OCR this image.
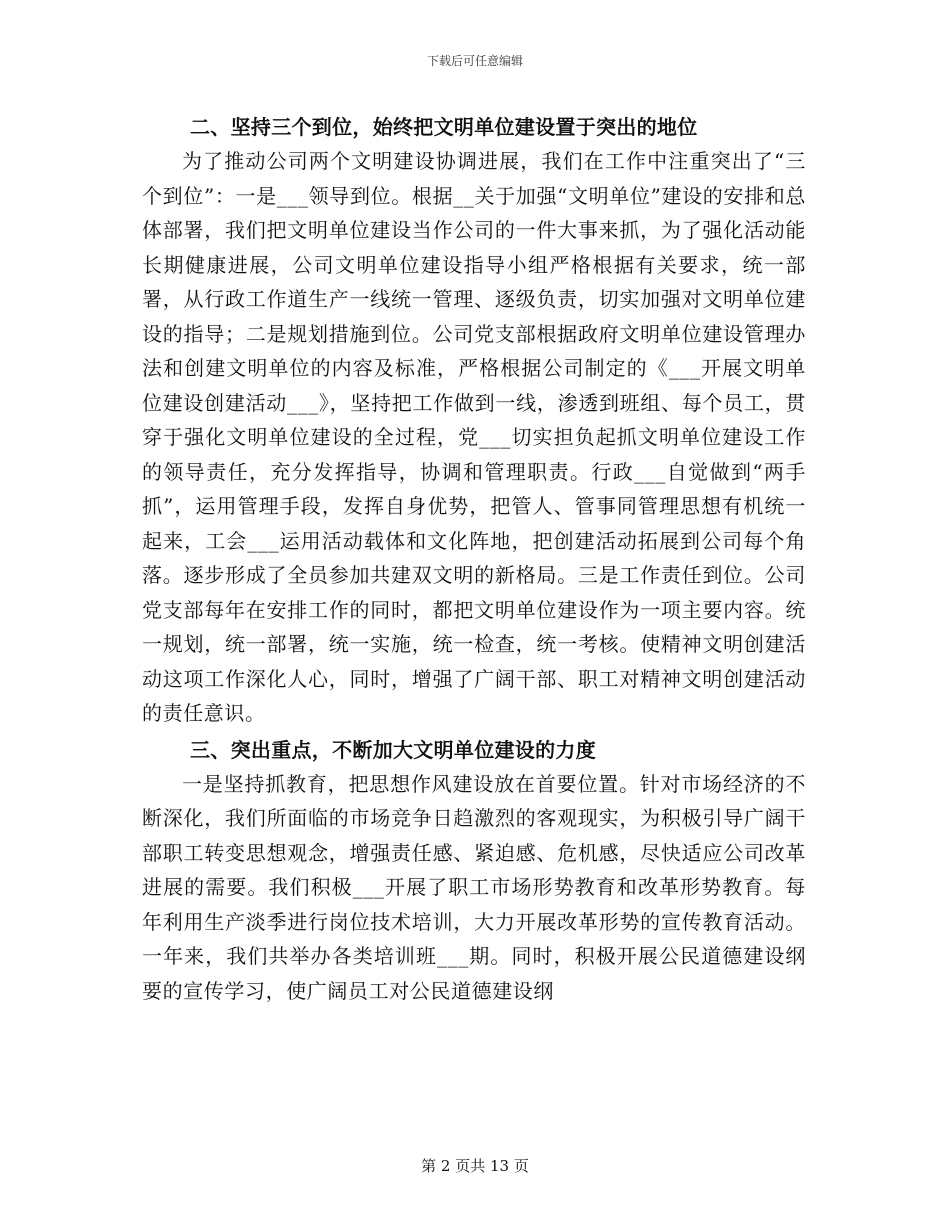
下载后可任意编辑

二、坚持三个到位，始终把文明单位建设置于突出的地位

为了推动公司两个文明建设协调进展，我们在工作中注重突出了“三个到位”：一是___领导到位。根据__关于加强“文明单位”建设的安排和总体部署，我们把文明单位建设当作公司的一件大事来抓，为了强化活动能长期健康进展，公司文明单位建设指导小组严格根据有关要求，统一部署，从行政工作道生产一线统一管理、逐级负责，切实加强对文明单位建设的指导；二是规划措施到位。公司党支部根据政府文明单位建设管理办法和创建文明单位的内容及标准，严格根据公司制定的《___开展文明单位建设创建活动___》，坚持把工作做到一线，渗透到班组、每个员工，贯穿于强化文明单位建设的全过程，党___切实担负起抓文明单位建设工作的领导责任，充分发挥指导，协调和管理职责。行政___自觉做到“两手抓”，运用管理手段，发挥自身优势，把管人、管事同管理思想有机统一起来，工会___运用活动载体和文化阵地，把创建活动拓展到公司每个角落。逐步形成了全员参加共建双文明的新格局。三是工作责任到位。公司党支部每年在安排工作的同时，都把文明单位建设作为一项主要内容。统一规划，统一部署，统一实施，统一检查，统一考核。使精神文明创建活动这项工作深化人心，同时，增强了广阔干部、职工对精神文明创建活动的责任意识。

三、突出重点，不断加大文明单位建设的力度

一是坚持抓教育，把思想作风建设放在首要位置。针对市场经济的不断深化，我们所面临的市场竞争日趋激烈的客观现实，为积极引导广阔干部职工转变思想观念，增强责任感、紧迫感、危机感，尽快适应公司改革进展的需要。我们积极___开展了职工市场形势教育和改革形势教育。每年利用生产淡季进行岗位技术培训，大力开展改革形势的宣传教育活动。一年来，我们共举办各类培训班___期。同时，积极开展公民道德建设纲要的宣传学习，使广阔员工对公民道德建设纲

第 2 页共 13 页
